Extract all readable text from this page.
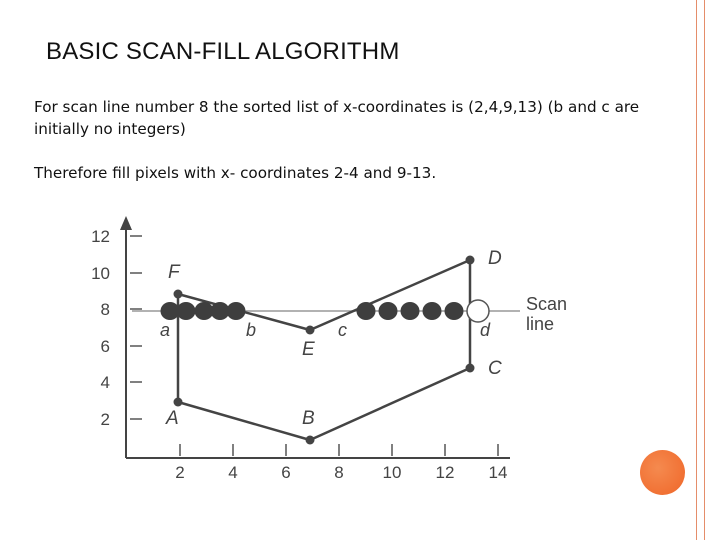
BASIC SCAN-FILL ALGORITHM
For scan line number 8 the sorted list of x-coordinates is (2,4,9,13) (b and c are initially no integers)
Therefore fill pixels with x- coordinates 2-4 and 9-13.
12
10
8
6
4
2
2	4	6	8 10 12 14
Scan
line
A	B
C
D
E
F
a	b	c	d
